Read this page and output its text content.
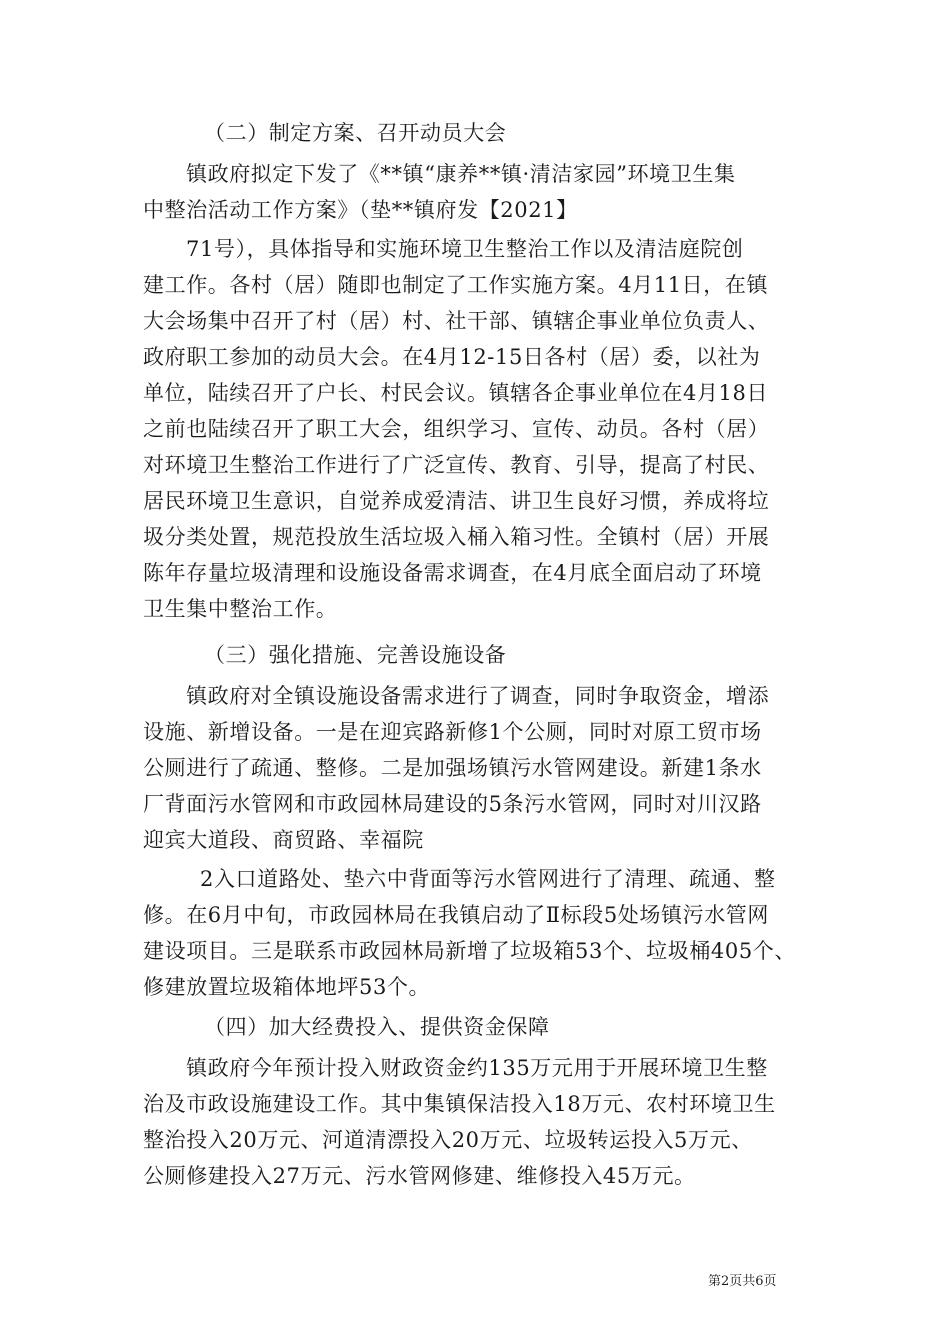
（二）制定方案、召开动员大会
镇政府拟定下发了《**镇“康养**镇·清洁家园”环境卫生集
中整治活动工作方案》（垫**镇府发【2021】
71号），具体指导和实施环境卫生整治工作以及清洁庭院创
建工作。各村（居）随即也制定了工作实施方案。4月11日，在镇
大会场集中召开了村（居）村、社干部、镇辖企事业单位负责人、
政府职工参加的动员大会。在4月12-15日各村（居）委，以社为
单位，陆续召开了户长、村民会议。镇辖各企事业单位在4月18日
之前也陆续召开了职工大会，组织学习、宣传、动员。各村（居）
对环境卫生整治工作进行了广泛宣传、教育、引导，提高了村民、
居民环境卫生意识，自觉养成爱清洁、讲卫生良好习惯，养成将垃
圾分类处置，规范投放生活垃圾入桶入箱习性。全镇村（居）开展
陈年存量垃圾清理和设施设备需求调查，在4月底全面启动了环境
卫生集中整治工作。
（三）强化措施、完善设施设备
镇政府对全镇设施设备需求进行了调查，同时争取资金，增添
设施、新增设备。一是在迎宾路新修1个公厕，同时对原工贸市场
公厕进行了疏通、整修。二是加强场镇污水管网建设。新建1条水
厂背面污水管网和市政园林局建设的5条污水管网，同时对川汉路
迎宾大道段、商贸路、幸福院
2入口道路处、垫六中背面等污水管网进行了清理、疏通、整
修。在6月中旬，市政园林局在我镇启动了Ⅱ标段5处场镇污水管网
建设项目。三是联系市政园林局新增了垃圾箱53个、垃圾桶405个、
修建放置垃圾箱体地坪53个。
（四）加大经费投入、提供资金保障
镇政府今年预计投入财政资金约135万元用于开展环境卫生整
治及市政设施建设工作。其中集镇保洁投入18万元、农村环境卫生
整治投入20万元、河道清漂投入20万元、垃圾转运投入5万元、
公厕修建投入27万元、污水管网修建、维修投入45万元。
第2页共6页
